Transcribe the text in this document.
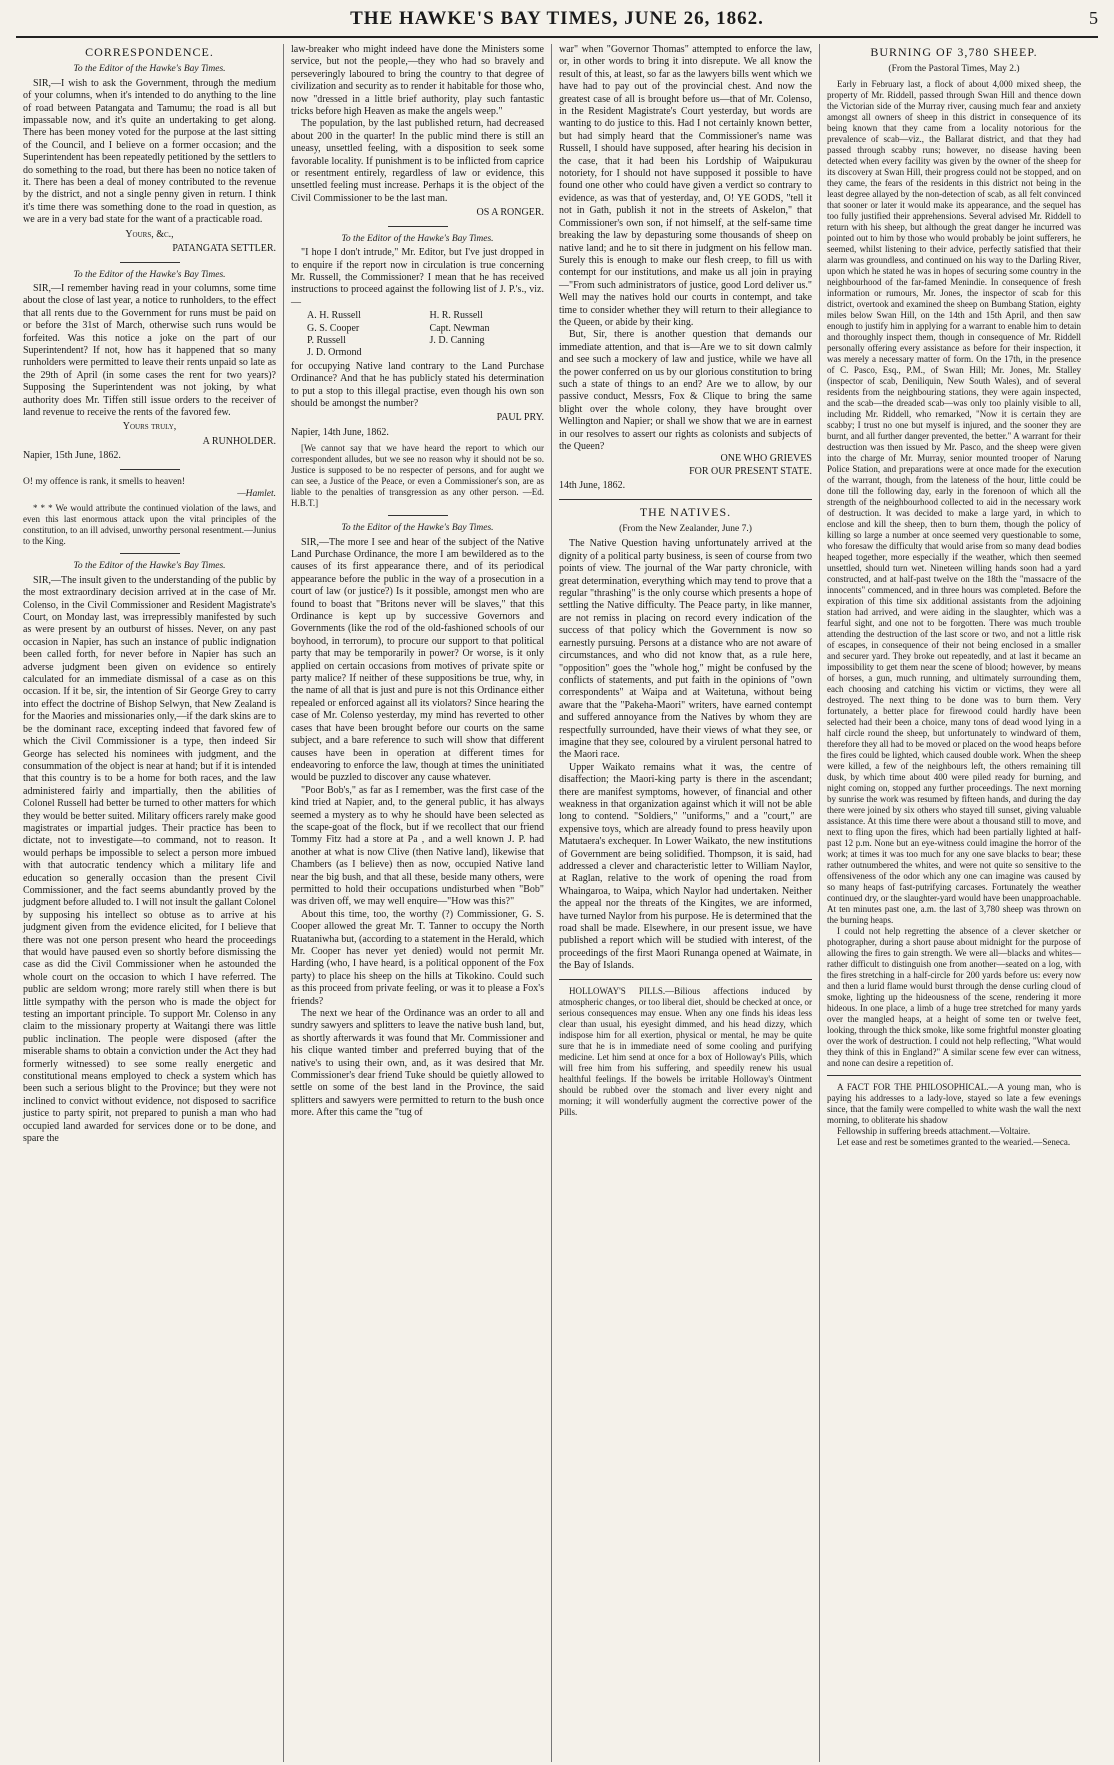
THE HAWKE'S BAY TIMES, JUNE 26, 1862.	5
CORRESPONDENCE.
To the Editor of the Hawke's Bay Times.

SIR,—I wish to ask the Government, through the medium of your columns, when it's intended to do anything to the line of road between Patangata and Tamumu; the road is all but impassable now, and it's quite an undertaking to get along. There has been money voted for the purpose at the last sitting of the Council, and I believe on a former occasion; and the Superintendent has been repeatedly petitioned by the settlers to do something to the road, but there has been no notice taken of it. There has been a deal of money contributed to the revenue by the district, and not a single penny given in return. I think it's time there was something done to the road in question, as we are in a very bad state for the want of a practicable road.

Yours, &c.,
PATANGATA SETTLER.
To the Editor of the Hawke's Bay Times.

SIR,—I remember having read in your columns, some time about the close of last year, a notice to runholders, to the effect that all rents due to the Government for runs must be paid on or before the 31st of March, otherwise such runs would be forfeited. Was this notice a joke on the part of our Superintendent? If not, how has it happened that so many runholders were permitted to leave their rents unpaid so late as the 29th of April (in some cases the rent for two years)? Supposing the Superintendent was not joking, by what authority does Mr. Tiffen still issue orders to the receiver of land revenue to receive the rents of the favored few.

Yours truly,
A RUNHOLDER.
Napier, 15th June, 1862.
O! my offence is rank, it smells to heaven!
—Hamlet.

* * * We would attribute the continued violation of the laws, and even this last enormous attack upon the vital principles of the constitution, to an ill advised, unworthy personal resentment.—Junius to the King.

To the Editor of the Hawke's Bay Times.

SIR,—The insult given to the understanding of the public by the most extraordinary decision arrived at in the case of Mr. Colenso, in the Civil Commissioner and Resident Magistrate's Court, on Monday last, was irrepressibly manifested by such as were present by an outburst of hisses. Never, on any past occasion in Napier, has such an instance of public indignation been called forth, for never before in Napier has such an adverse judgment been given on evidence so entirely calculated for an immediate dismissal of a case as on this occasion. If it be, sir, the intention of Sir George Grey to carry into effect the doctrine of Bishop Selwyn, that New Zealand is for the Maories and missionaries only,—if the dark skins are to be the dominant race, excepting indeed that favored few of which the Civil Commissioner is a type, then indeed Sir George has selected his nominees with judgment, and the consummation of the object is near at hand; but if it is intended that this country is to be a home for both races, and the law administered fairly and impartially, then the abilities of Colonel Russell had better be turned to other matters for which they would be better suited. Military officers rarely make good magistrates or impartial judges. Their practice has been to dictate, not to investigate—to command, not to reason. It would perhaps be impossible to select a person more imbued with that autocratic tendency which a military life and education so generally occasion than the present Civil Commissioner, and the fact seems abundantly proved by the judgment before alluded to. I will not insult the gallant Colonel by supposing his intellect so obtuse as to arrive at his judgment given from the evidence elicited, for I believe that there was not one person present who heard the proceedings that would have paused even so shortly before dismissing the case as did the Civil Commissioner when he astounded the whole court on the occasion to which I have referred. The public are seldom wrong; more rarely still when there is but little sympathy with the person who is made the object for testing an important principle. To support Mr. Colenso in any claim to the missionary property at Waitangi there was little public inclination. The people were disposed (after the miserable shams to obtain a conviction under the Act they had formerly witnessed) to see some really energetic and constitutional means employed to check a system which has been such a serious blight to the Province; but they were not inclined to convict without evidence, not disposed to sacrifice justice to party spirit, not prepared to punish a man who had occupied land awarded for services done or to be done, and spare the

law-breaker who might indeed have done the Ministers some service, but not the people,—they who had so bravely and perseveringly laboured to bring the country to that degree of civilization and security as to render it habitable for those who, now "dressed in a little brief authority, play such fantastic tricks before high Heaven as make the angels weep."

The population, by the last published return, had decreased about 200 in the quarter! In the public mind there is still an uneasy, unsettled feeling, with a disposition to seek some favorable locality. If punishment is to be inflicted from caprice or resentment entirely, regardless of law or evidence, this unsettled feeling must increase. Perhaps it is the object of the Civil Commissioner to be the last man.

OS A RONGER.
To the Editor of the Hawke's Bay Times.

"I hope I don't intrude," Mr. Editor, but I've just dropped in to enquire if the report now in circulation is true concerning Mr. Russell, the Commissioner? I mean that he has received instructions to proceed against the following list of J. P.'s., viz.—

A. H. Russell	H. R. Russell
G. S. Cooper	Capt. Newman
P. Russell	J. D. Canning
J. D. Ormond

for occupying Native land contrary to the Land Purchase Ordinance? And that he has publicly stated his determination to put a stop to this illegal practise, even though his own son should be amongst the number?

PAUL PRY.
Napier, 14th June, 1862.

[We cannot say that we have heard the report to which our correspondent alludes, but we see no reason why it should not be so. Justice is supposed to be no respecter of persons, and for aught we can see, a Justice of the Peace, or even a Commissioner's son, are as liable to the penalties of transgression as any other person. —Ed. H.B.T.]

To the Editor of the Hawke's Bay Times.

SIR,—The more I see and hear of the subject of the Native Land Purchase Ordinance, the more I am bewildered as to the causes of its first appearance there, and of its periodical appearance before the public in the way of a prosecution in a court of law (or justice?) Is it possible, amongst men who are found to boast that "Britons never will be slaves," that this Ordinance is kept up by successive Governors and Governments (like the rod of the old-fashioned schools of our boyhood, in terrorum), to procure our support to that political party that may be temporarily in power? Or worse, is it only applied on certain occasions from motives of private spite or party malice? If neither of these suppositions be true, why, in the name of all that is just and pure is not this Ordinance either repealed or enforced against all its violators? Since hearing the case of Mr. Colenso yesterday, my mind has reverted to other cases that have been brought before our courts on the same subject, and a bare reference to such will show that different causes have been in operation at different times for endeavoring to enforce the law, though at times the uninitiated would be puzzled to discover any cause whatever.

"Poor Bob's," as far as I remember, was the first case of the kind tried at Napier, and, to the general public, it has always seemed a mystery as to why he should have been selected as the scape-goat of the flock, but if we recollect that our friend Tommy Fitz had a store at Pa , and a well known J. P. had another at what is now Clive (then Native land), likewise that Chambers (as I believe) then as now, occupied Native land near the big bush, and that all these, beside many others, were permitted to hold their occupations undisturbed when "Bob" was driven off, we may well enquire—"How was this?"

About this time, too, the worthy (?) Commissioner, G. S. Cooper allowed the great Mr. T. Tanner to occupy the North Ruataniwha but, (according to a statement in the Herald, which Mr. Cooper has never yet denied) would not permit Mr. Harding (who, I have heard, is a political opponent of the Fox party) to place his sheep on the hills at Tikokino. Could such as this proceed from private feeling, or was it to please a Fox's friends?

The next we hear of the Ordinance was an order to all and sundry sawyers and splitters to leave the native bush land, but, as shortly afterwards it was found that Mr. Commissioner and his clique wanted timber and preferred buying that of the native's to using their own, and, as it was desired that Mr. Commissioner's dear friend Tuke should be quietly allowed to settle on some of the best land in the Province, the said splitters and sawyers were permitted to return to the bush once more. After this came the "tug of

war" when "Governor Thomas" attempted to enforce the law, or, in other words to bring it into disrepute. We all know the result of this, at least, so far as the lawyers bills went which we have had to pay out of the provincial chest. And now the greatest case of all is brought before us—that of Mr. Colenso, in the Resident Magistrate's Court yesterday, but words are wanting to do justice to this. Had I not certainly known better, but had simply heard that the Commissioner's name was Russell, I should have supposed, after hearing his decision in the case, that it had been his Lordship of Waipukurau notoriety, for I should not have supposed it possible to have found one other who could have given a verdict so contrary to evidence, as was that of yesterday, and, O! YE GODS, "tell it not in Gath, publish it not in the streets of Askelon," that Commissioner's own son, if not himself, at the self-same time breaking the law by depasturing some thousands of sheep on native land; and he to sit there in judgment on his fellow man. Surely this is enough to make our flesh creep, to fill us with contempt for our institutions, and make us all join in praying—"From such administrators of justice, good Lord deliver us." Well may the natives hold our courts in contempt, and take time to consider whether they will return to their allegiance to the Queen, or abide by their king.

But, Sir, there is another question that demands our immediate attention, and that is—Are we to sit down calmly and see such a mockery of law and justice, while we have all the power conferred on us by our glorious constitution to bring such a state of things to an end? Are we to allow, by our passive conduct, Messrs, Fox & Clique to bring the same blight over the whole colony, they have brought over Wellington and Napier; or shall we show that we are in earnest in our resolves to assert our rights as colonists and subjects of the Queen?

ONE WHO GRIEVES
FOR OUR PRESENT STATE.
14th June, 1862.
THE NATIVES.
(From the New Zealander, June 7.)

The Native Question having unfortunately arrived at the dignity of a political party business, is seen of course from two points of view. The journal of the War party chronicle, with great determination, everything which may tend to prove that a regular "thrashing" is the only course which presents a hope of settling the Native difficulty. The Peace party, in like manner, are not remiss in placing on record every indication of the success of that policy which the Government is now so earnestly pursuing. Persons at a distance who are not aware of circumstances, and who did not know that, as a rule here, "opposition" goes the "whole hog," might be confused by the conflicts of statements, and put faith in the opinions of "own correspondents" at Waipa and at Waitetuna, without being aware that the "Pakeha-Maori" writers, have earned contempt and suffered annoyance from the Natives by whom they are respectfully surrounded, have their views of what they see, or imagine that they see, coloured by a virulent personal hatred to the Maori race.

Upper Waikato remains what it was, the centre of disaffection; the Maori-king party is there in the ascendant; there are manifest symptoms, however, of financial and other weakness in that organization against which it will not be able long to contend. "Soldiers," "uniforms," and a "court," are expensive toys, which are already found to press heavily upon Matutaera's exchequer. In Lower Waikato, the new institutions of Government are being solidified. Thompson, it is said, had addressed a clever and characteristic letter to William Naylor, at Raglan, relative to the work of opening the road from Whaingaroa, to Waipa, which Naylor had undertaken. Neither the appeal nor the threats of the Kingites, we are informed, have turned Naylor from his purpose. He is determined that the road shall be made. Elsewhere, in our present issue, we have published a report which will be studied with interest, of the proceedings of the first Maori Runanga opened at Waimate, in the Bay of Islands.

HOLLOWAY'S PILLS.—Bilious affections induced by atmospheric changes, or too liberal diet, should be checked at once, or serious consequences may ensue. When any one finds his ideas less clear than usual, his eyesight dimmed, and his head dizzy, which indispose him for all exertion, physical or mental, he may be quite sure that he is in immediate need of some cooling and purifying medicine. Let him send at once for a box of Holloway's Pills, which will free him from his suffering, and speedily renew his usual healthful feelings. If the bowels be irritable Holloway's Ointment should be rubbed over the stomach and liver every night and morning; it will wonderfully augment the corrective power of the Pills.

BURNING OF 3,780 SHEEP.
(From the Pastoral Times, May 2.)

Early in February last, a flock of about 4,000 mixed sheep, the property of Mr. Riddell, passed through Swan Hill and thence down the Victorian side of the Murray river, causing much fear and anxiety amongst all owners of sheep in this district in consequence of its being known that they came from a locality notorious for the prevalence of scab—viz., the Ballarat district, and that they had passed through scabby runs; however, no disease having been detected when every facility was given by the owner of the sheep for its discovery at Swan Hill, their progress could not be stopped, and on they came, the fears of the residents in this district not being in the least degree allayed by the non-detection of scab, as all felt convinced that sooner or later it would make its appearance, and the sequel has too fully justified their apprehensions. Several advised Mr. Riddell to return with his sheep, but although the great danger he incurred was pointed out to him by those who would probably be joint sufferers, he seemed, whilst listening to their advice, perfectly satisfied that their alarm was groundless, and continued on his way to the Darling River, upon which he stated he was in hopes of securing some country in the neighbourhood of the far-famed Menindie. In consequence of fresh information or rumours, Mr. Jones, the inspector of scab for this district, overtook and examined the sheep on Bumbang Station, eighty miles below Swan Hill, on the 14th and 15th April, and then saw enough to justify him in applying for a warrant to enable him to detain and thoroughly inspect them, though in consequence of Mr. Riddell personally offering every assistance as before for their inspection, it was merely a necessary matter of form. On the 17th, in the presence of C. Pasco, Esq., P.M., of Swan Hill; Mr. Jones, Mr. Stalley (inspector of scab, Deniliquin, New South Wales), and of several residents from the neighbouring stations, they were again inspected, and the scab—the dreaded scab—was only too plainly visible to all, including Mr. Riddell, who remarked, "Now it is certain they are scabby; I trust no one but myself is injured, and the sooner they are burnt, and all further danger prevented, the better." A warrant for their destruction was then issued by Mr. Pasco, and the sheep were given into the charge of Mr. Murray, senior mounted trooper of Narung Police Station, and preparations were at once made for the execution of the warrant, though, from the lateness of the hour, little could be done till the following day, early in the forenoon of which all the strength of the neighbourhood collected to aid in the necessary work of destruction. It was decided to make a large yard, in which to enclose and kill the sheep, then to burn them, though the policy of killing so large a number at once seemed very questionable to some, who foresaw the difficulty that would arise from so many dead bodies heaped together, more especially if the weather, which then seemed unsettled, should turn wet. Nineteen willing hands soon had a yard constructed, and at half-past twelve on the 18th the "massacre of the innocents" commenced, and in three hours was completed. Before the expiration of this time six additional assistants from the adjoining station had arrived, and were aiding in the slaughter, which was a fearful sight, and one not to be forgotten. There was much trouble attending the destruction of the last score or two, and not a little risk of escapes, in consequence of their not being enclosed in a smaller and securer yard. They broke out repeatedly, and at last it became an impossibility to get them near the scene of blood; however, by means of horses, a gun, much running, and ultimately surrounding them, each choosing and catching his victim or victims, they were all destroyed. The next thing to be done was to burn them. Very fortunately, a better place for firewood could hardly have been selected had their been a choice, many tons of dead wood lying in a half circle round the sheep, but unfortunately to windward of them, therefore they all had to be moved or placed on the wood heaps before the fires could be lighted, which caused double work. When the sheep were killed, a few of the neighbours left, the others remaining till dusk, by which time about 400 were piled ready for burning, and night coming on, stopped any further proceedings. The next morning by sunrise the work was resumed by fifteen hands, and during the day there were joined by six others who stayed till sunset, giving valuable assistance. At this time there were about a thousand still to move, and next to fling upon the fires, which had been partially lighted at half-past 12 p.m. None but an eye-witness could imagine the horror of the work; at times it was too much for any one save blacks to bear; these rather outnumbered the whites, and were not quite so sensitive to the offensiveness of the odor which any one can imagine was caused by so many heaps of fast-putrifying carcases. Fortunately the weather continued dry, or the slaughter-yard would have been unapproachable. At ten minutes past one, a.m. the last of 3,780 sheep was thrown on the burning heaps.

I could not help regretting the absence of a clever sketcher or photographer, during a short pause about midnight for the purpose of allowing the fires to gain strength. We were all—blacks and whites—rather difficult to distinguish one from another—seated on a log, with the fires stretching in a half-circle for 200 yards before us: every now and then a lurid flame would burst through the dense curling cloud of smoke, lighting up the hideousness of the scene, rendering it more hideous. In one place, a limb of a huge tree stretched for many yards over the mangled heaps, at a height of some ten or twelve feet, looking, through the thick smoke, like some frightful monster gloating over the work of destruction. I could not help reflecting, "What would they think of this in England?" A similar scene few ever can witness, and none can desire a repetition of.

A FACT FOR THE PHILOSOPHICAL.—A young man, who is paying his addresses to a lady-love, stayed so late a few evenings since, that the family were compelled to white wash the wall the next morning, to obliterate his shadow

Fellowship in suffering breeds attachment.—Voltaire.

Let ease and rest be sometimes granted to the wearied.—Seneca.
